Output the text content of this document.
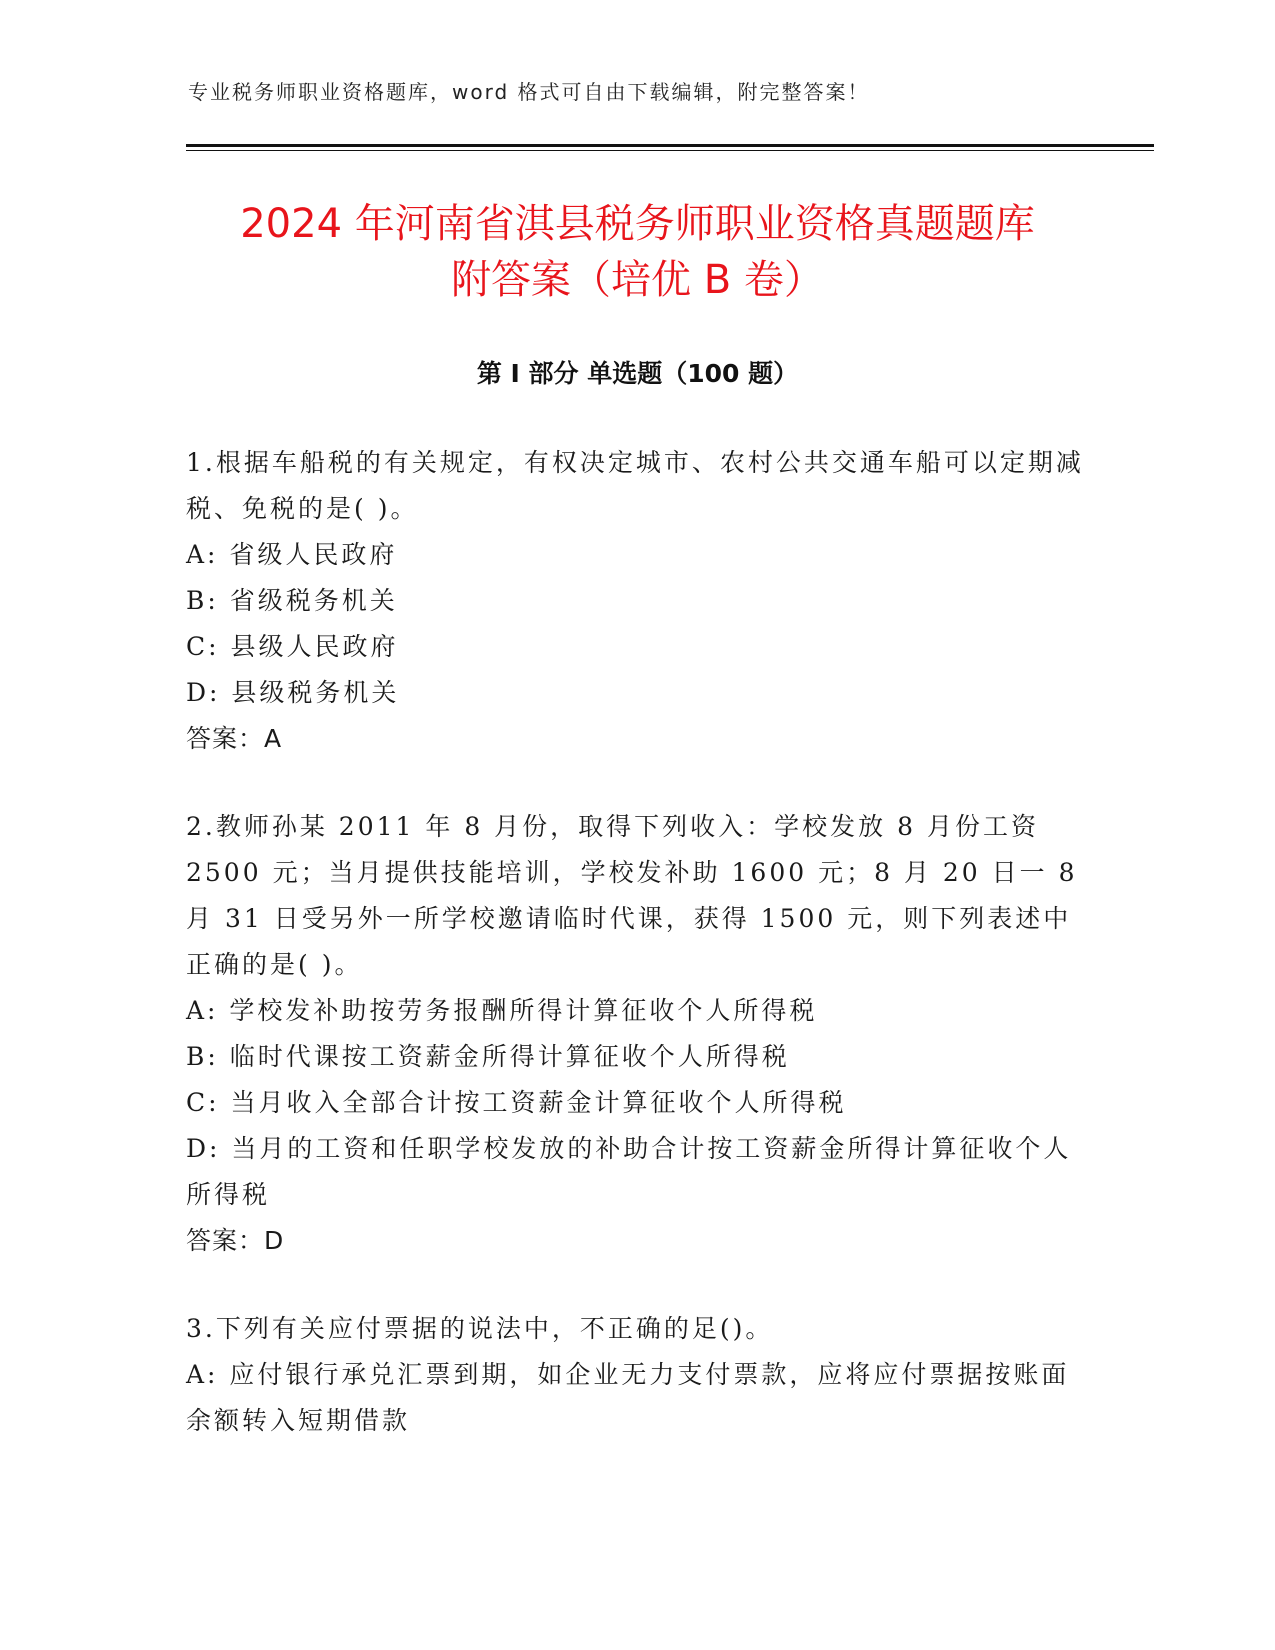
专业税务师职业资格题库，word 格式可自由下载编辑，附完整答案！
2024 年河南省淇县税务师职业资格真题题库
附答案（培优 B 卷）
第 I 部分 单选题（100 题）

1.根据车船税的有关规定，有权决定城市、农村公共交通车船可以定期减税、免税的是( )。

A: 省级人民政府

B: 省级税务机关

C: 县级人民政府

D: 县级税务机关

答案：A

2.教师孙某 2011 年 8 月份，取得下列收入：学校发放 8 月份工资 2500 元；当月提供技能培训，学校发补助 1600 元；8 月 20 日一 8 月 31 日受另外一所学校邀请临时代课，获得 1500 元，则下列表述中正确的是( )。

A: 学校发补助按劳务报酬所得计算征收个人所得税

B: 临时代课按工资薪金所得计算征收个人所得税

C: 当月收入全部合计按工资薪金计算征收个人所得税

D: 当月的工资和任职学校发放的补助合计按工资薪金所得计算征收个人所得税

答案：D

3.下列有关应付票据的说法中，不正确的足()。

A: 应付银行承兑汇票到期，如企业无力支付票款，应将应付票据按账面余额转入短期借款
